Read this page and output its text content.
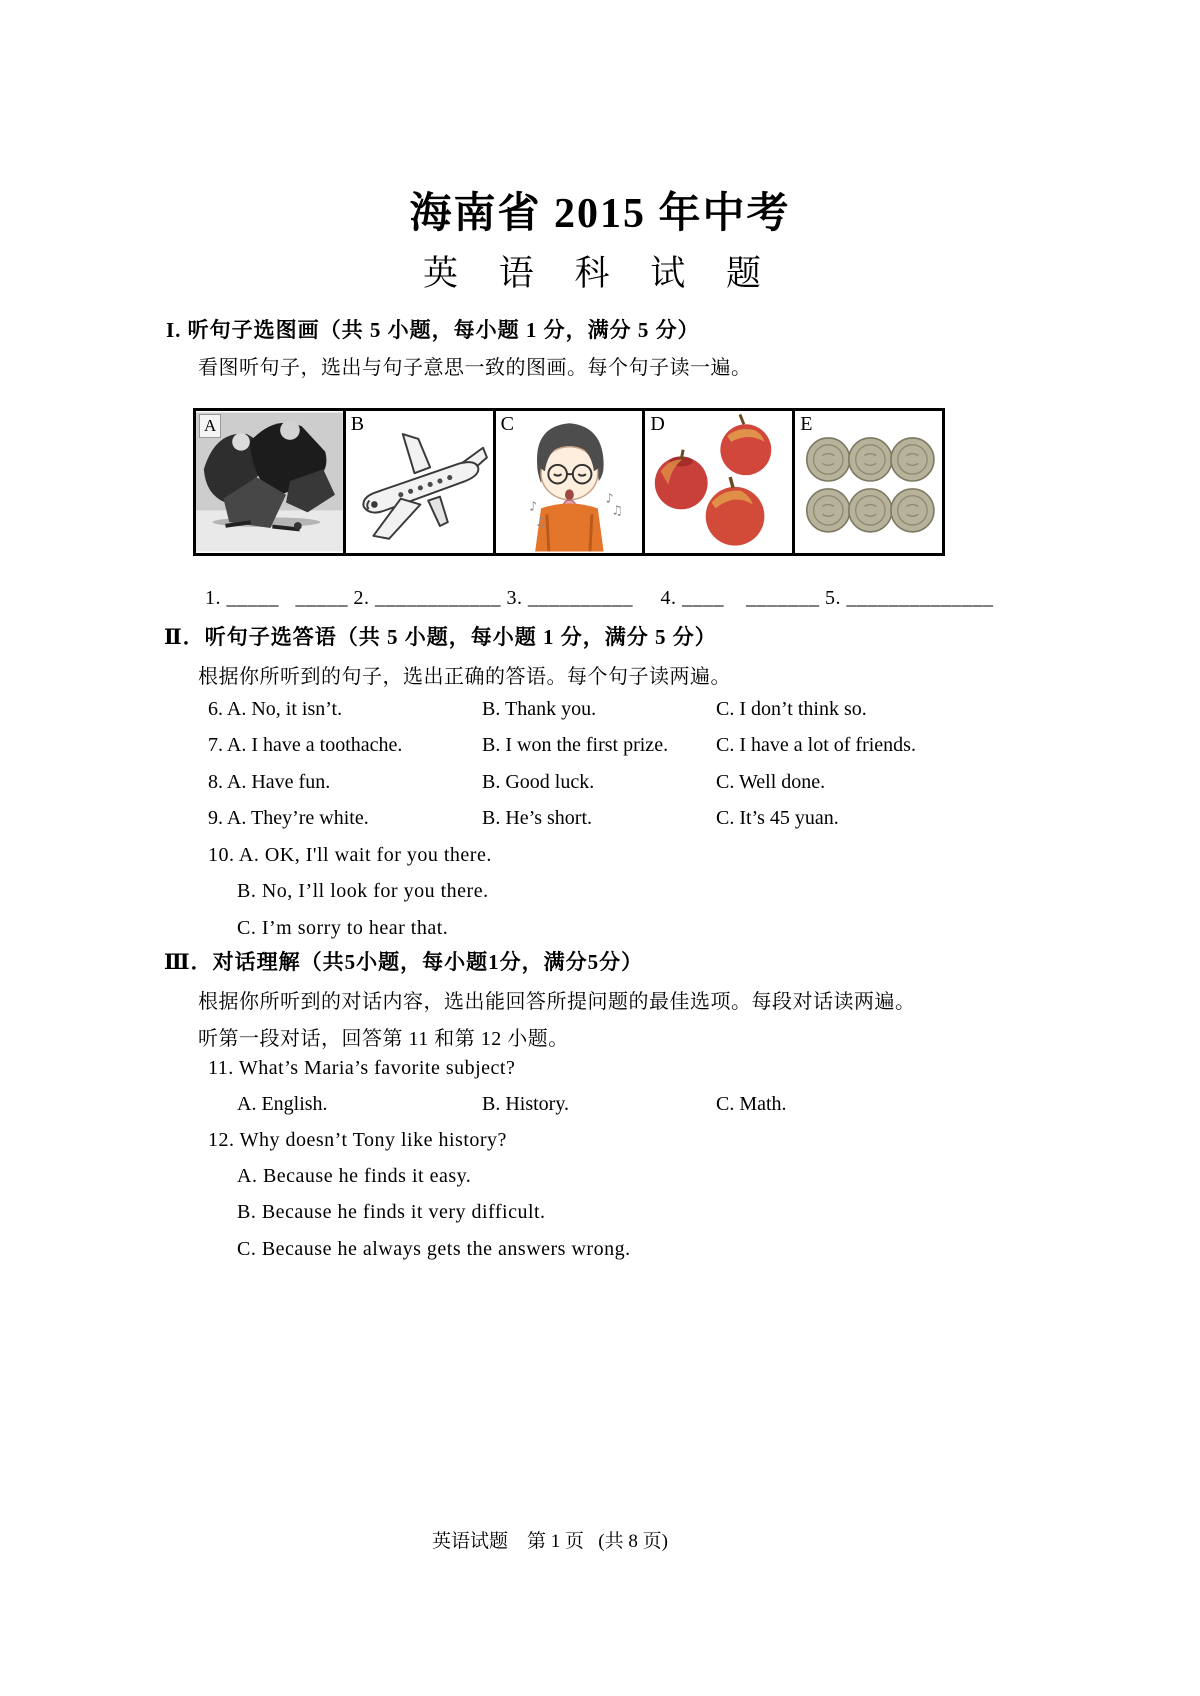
海南省 2015 年中考
英 语 科 试 题
I. 听句子选图画（共 5 小题，每小题 1 分，满分 5 分）
看图听句子，选出与句子意思一致的图画。每个句子读一遍。
A	B
♪
♪
♫
♫
C	D	E
1. _____   _____ 2. ____________ 3. __________     4. ____    _______ 5. ______________
Ⅱ．听句子选答语（共 5 小题，每小题 1 分，满分 5 分）
根据你所听到的句子，选出正确的答语。每个句子读两遍。
6. A. No, it isn’t.	B. Thank you.	C. I don’t think so.
7. A. I have a toothache.	B. I won the first prize. C. I have a lot of friends.
8. A. Have fun.	B. Good luck.	C. Well done.
9. A. They’re white.	B. He’s short.	C. It’s 45 yuan.
10. A. OK, I'll wait for you there.
B. No, I’ll look for you there.
C. I’m sorry to hear that.
Ⅲ．对话理解（共5小题，每小题1分，满分5分）
根据你所听到的对话内容，选出能回答所提问题的最佳选项。每段对话读两遍。
听第一段对话，回答第 11 和第 12 小题。
11. What’s Maria’s favorite subject?
A. English.	B. History.	C. Math.
12. Why doesn’t Tony like history?
A. Because he finds it easy.
B. Because he finds it very difficult.
C. Because he always gets the answers wrong.
英语试题　第 1 页   (共 8 页)
